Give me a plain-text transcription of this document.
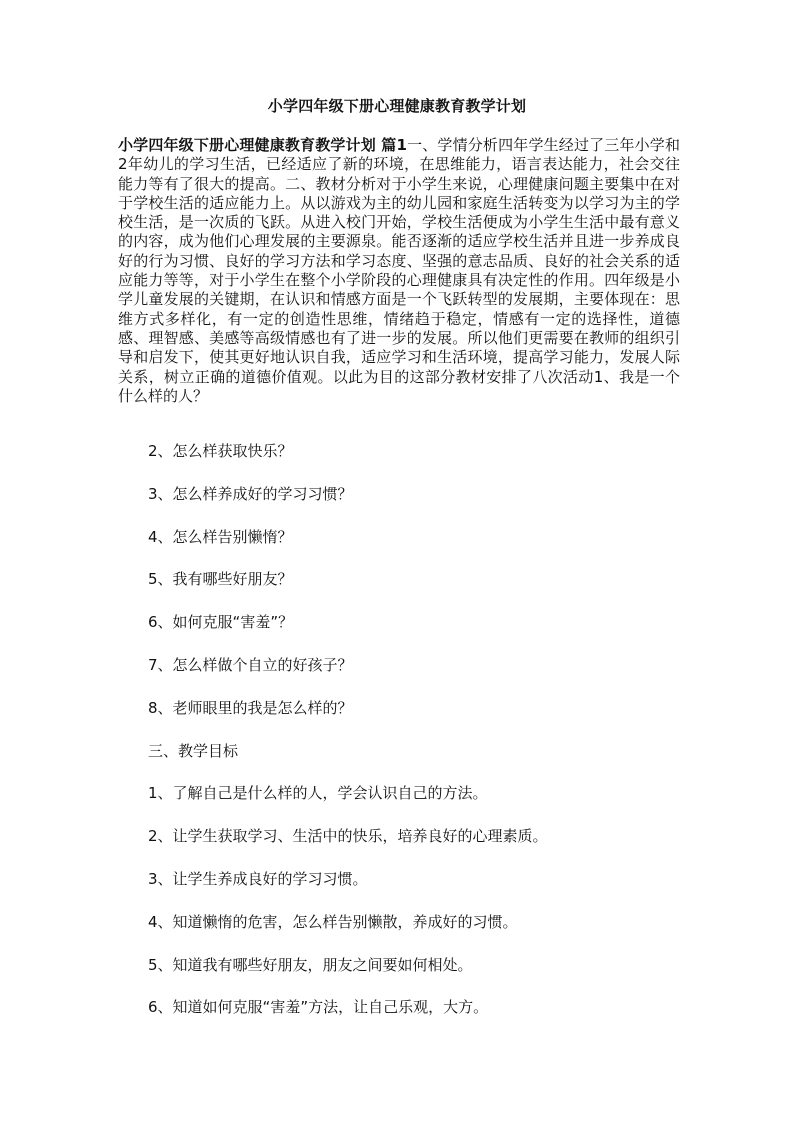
小学四年级下册心理健康教育教学计划

小学四年级下册心理健康教育教学计划 篇1一、学情分析四年学生经过了三年小学和2年幼儿的学习生活，已经适应了新的环境，在思维能力，语言表达能力，社会交往能力等有了很大的提高。二、教材分析对于小学生来说，心理健康问题主要集中在对于学校生活的适应能力上。从以游戏为主的幼儿园和家庭生活转变为以学习为主的学校生活，是一次质的飞跃。从进入校门开始，学校生活便成为小学生生活中最有意义的内容，成为他们心理发展的主要源泉。能否逐渐的适应学校生活并且进一步养成良好的行为习惯、良好的学习方法和学习态度、坚强的意志品质、良好的社会关系的适应能力等等，对于小学生在整个小学阶段的心理健康具有决定性的作用。四年级是小学儿童发展的关键期，在认识和情感方面是一个飞跃转型的发展期，主要体现在：思维方式多样化，有一定的创造性思维，情绪趋于稳定，情感有一定的选择性，道德感、理智感、美感等高级情感也有了进一步的发展。所以他们更需要在教师的组织引导和启发下，使其更好地认识自我，适应学习和生活环境，提高学习能力，发展人际关系，树立正确的道德价值观。以此为目的这部分教材安排了八次活动1、我是一个什么样的人？

2、怎么样获取快乐？
3、怎么样养成好的学习习惯？
4、怎么样告别懒惰？
5、我有哪些好朋友？
6、如何克服“害羞”？
7、怎么样做个自立的好孩子？
8、老师眼里的我是怎么样的？
三、教学目标
1、了解自己是什么样的人，学会认识自己的方法。
2、让学生获取学习、生活中的快乐，培养良好的心理素质。
3、让学生养成良好的学习习惯。
4、知道懒惰的危害，怎么样告别懒散，养成好的习惯。
5、知道我有哪些好朋友，朋友之间要如何相处。
6、知道如何克服“害羞”方法，让自己乐观，大方。
